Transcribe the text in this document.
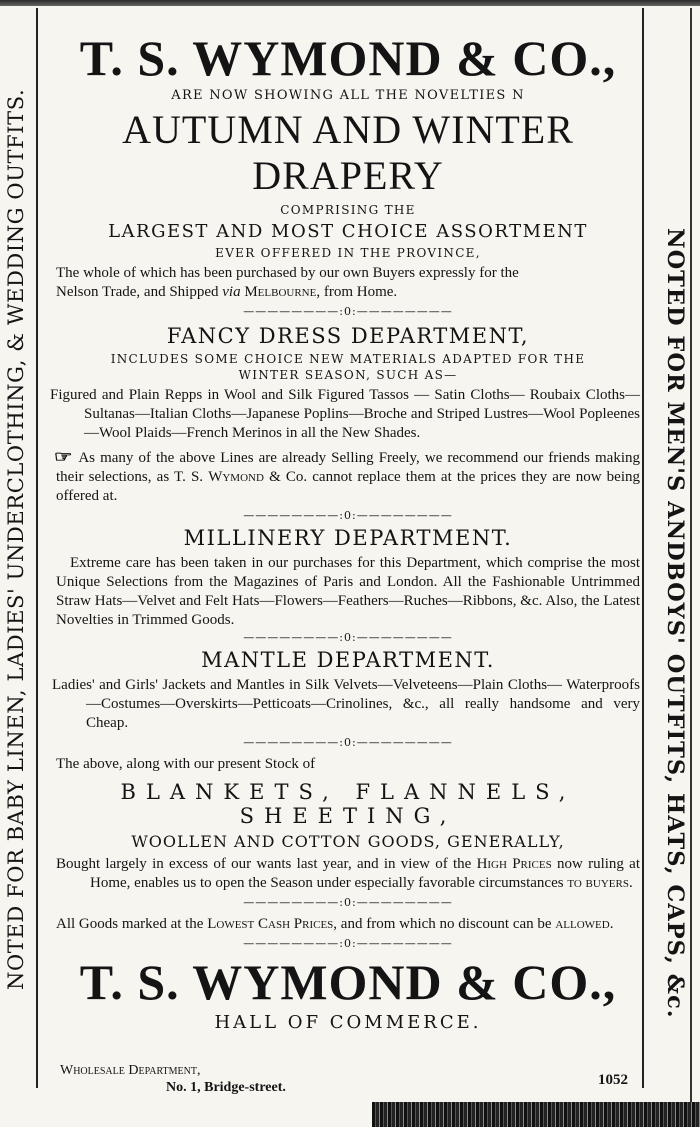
NOTED FOR BABY LINEN, LADIES' UNDERCLOTHING, & WEDDING OUTFITS.	NOTED FOR MEN'S ANDBOYS' OUTFITS, HATS, CAPS, &c.
T. S. WYMOND & CO.,
ARE NOW SHOWING ALL THE NOVELTIES N
AUTUMN AND WINTER DRAPERY
COMPRISING THE
LARGEST AND MOST CHOICE ASSORTMENT
EVER OFFERED IN THE PROVINCE,
The whole of which has been purchased by our own Buyers expressly for the
Nelson Trade, and Shipped via Melbourne, from Home.
————————:0:————————
FANCY DRESS DEPARTMENT,
INCLUDES SOME CHOICE NEW MATERIALS ADAPTED FOR THE
WINTER SEASON, SUCH AS—
Figured and Plain Repps in Wool and Silk Figured Tassos — Satin Cloths— Roubaix Cloths—Sultanas—Italian Cloths—Japanese Poplins—Broche and Striped Lustres—Wool Popleenes—Wool Plaids—French Merinos in all the New Shades.
☞ As many of the above Lines are already Selling Freely, we recommend our friends making their selections, as T. S. Wymond & Co. cannot replace them at the prices they are now being offered at.
————————:0:————————
MILLINERY DEPARTMENT.
Extreme care has been taken in our purchases for this Department, which comprise the most Unique Selections from the Magazines of Paris and London. All the Fashionable Untrimmed Straw Hats—Velvet and Felt Hats—Flowers—Feathers—Ruches—Ribbons, &c. Also, the Latest Novelties in Trimmed Goods.
————————:0:————————
MANTLE DEPARTMENT.
Ladies' and Girls' Jackets and Mantles in Silk Velvets—Velveteens—Plain Cloths— Waterproofs—Costumes—Overskirts—Petticoats—Crinolines, &c., all really handsome and very Cheap.
————————:0:————————
The above, along with our present Stock of
BLANKETS, FLANNELS, SHEETING,
WOOLLEN AND COTTON GOODS, GENERALLY,
Bought largely in excess of our wants last year, and in view of the High Prices now ruling at Home, enables us to open the Season under especially favorable circumstances to buyers.
————————:0:————————
All Goods marked at the Lowest Cash Prices, and from which no discount can be allowed.
————————:0:————————
T. S. WYMOND & CO.,
HALL OF COMMERCE.
Wholesale Department,
No. 1, Bridge-street.	1052
